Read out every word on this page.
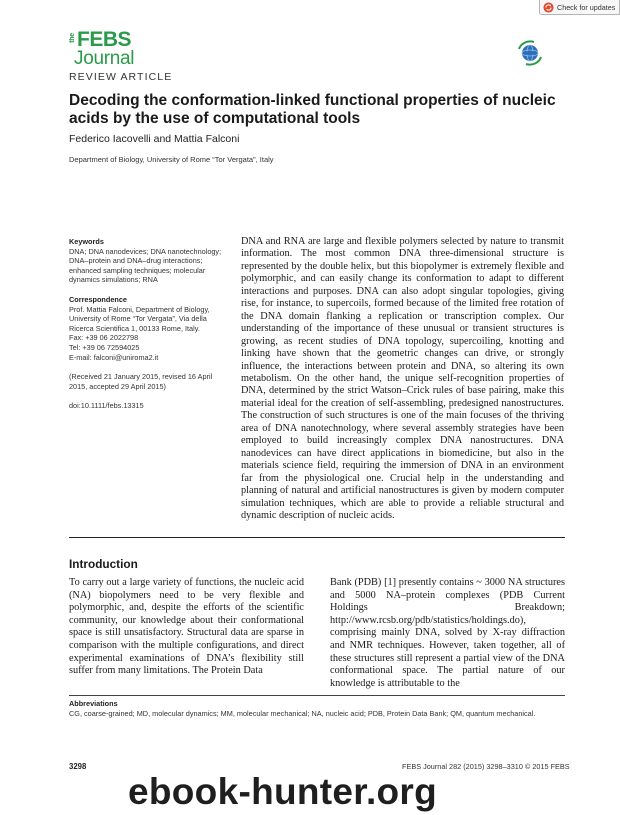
Check for updates
the FEBS
Journal
REVIEW ARTICLE
Decoding the conformation-linked functional properties of nucleic acids by the use of computational tools
Federico Iacovelli and Mattia Falconi
Department of Biology, University of Rome “Tor Vergata”, Italy

Keywords

DNA; DNA nanodevices; DNA nanotechnology; DNA–protein and DNA–drug interactions; enhanced sampling techniques; molecular dynamics simulations; RNA

Correspondence

Prof. Mattia Falconi, Department of Biology,
University of Rome “Tor Vergata”, Via della
Ricerca Scientifica 1, 00133 Rome, Italy.
Fax: +39 06 2022798
Tel: +39 06 72594025
E-mail: falconi@uniroma2.it

(Received 21 January 2015, revised 16 April 2015, accepted 29 April 2015)

doi:10.1111/febs.13315

DNA and RNA are large and flexible polymers selected by nature to transmit information. The most common DNA three-dimensional structure is represented by the double helix, but this biopolymer is extremely flexible and polymorphic, and can easily change its conformation to adapt to different interactions and purposes. DNA can also adopt singular topologies, giving rise, for instance, to supercoils, formed because of the limited free rotation of the DNA domain flanking a replication or transcription complex. Our understanding of the importance of these unusual or transient structures is growing, as recent studies of DNA topology, supercoiling, knotting and linking have shown that the geometric changes can drive, or strongly influence, the interactions between protein and DNA, so altering its own metabolism. On the other hand, the unique self-recognition properties of DNA, determined by the strict Watson–Crick rules of base pairing, make this material ideal for the creation of self-assembling, predesigned nanostructures. The construction of such structures is one of the main focuses of the thriving area of DNA nanotechnology, where several assembly strategies have been employed to build increasingly complex DNA nanostructures. DNA nanodevices can have direct applications in biomedicine, but also in the materials science field, requiring the immersion of DNA in an environment far from the physiological one. Crucial help in the understanding and planning of natural and artificial nanostructures is given by modern computer simulation techniques, which are able to provide a reliable structural and dynamic description of nucleic acids.

Introduction

To carry out a large variety of functions, the nucleic acid (NA) biopolymers need to be very flexible and polymorphic, and, despite the efforts of the scientific community, our knowledge about their conformational space is still unsatisfactory. Structural data are sparse in comparison with the multiple configurations, and direct experimental examinations of DNA’s flexibility still suffer from many limitations. The Protein Data

Bank (PDB) [1] presently contains ~ 3000 NA structures and 5000 NA–protein complexes (PDB Current Holdings Breakdown; http://www.rcsb.org/pdb/statistics/holdings.do), comprising mainly DNA, solved by X-ray diffraction and NMR techniques. However, taken together, all of these structures still represent a partial view of the DNA conformational space. The partial nature of our knowledge is attributable to the

Abbreviations
CG, coarse-grained; MD, molecular dynamics; MM, molecular mechanical; NA, nucleic acid; PDB, Protein Data Bank; QM, quantum mechanical.
3298	FEBS Journal 282 (2015) 3298–3310 © 2015 FEBS
ebook-hunter.org
